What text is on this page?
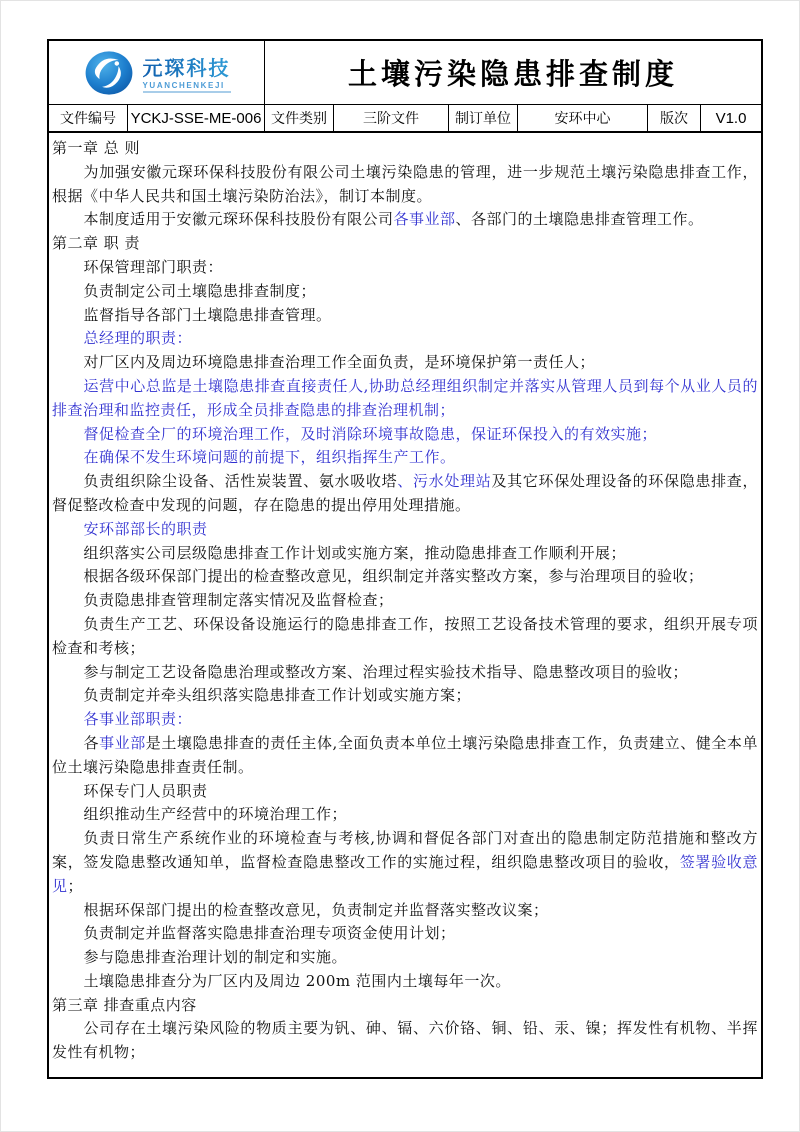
元琛科技
YUANCHENKEJI	土壤污染隐患排查制度
文件编号 YCKJ-SSE-ME-006 文件类别	三阶文件	制订单位	安环中心	版次	V1.0

第一章 总 则

为加强安徽元琛环保科技股份有限公司土壤污染隐患的管理，进一步规范土壤污染隐患排查工作，根据《中华人民共和国土壤污染防治法》，制订本制度。

本制度适用于安徽元琛环保科技股份有限公司各事业部、各部门的土壤隐患排查管理工作。

第二章 职 责

环保管理部门职责：

负责制定公司土壤隐患排查制度；

监督指导各部门土壤隐患排查管理。

总经理的职责：

对厂区内及周边环境隐患排查治理工作全面负责，是环境保护第一责任人；

运营中心总监是土壤隐患排查直接责任人,协助总经理组织制定并落实从管理人员到每个从业人员的排查治理和监控责任，形成全员排查隐患的排查治理机制；

督促检查全厂的环境治理工作，及时消除环境事故隐患，保证环保投入的有效实施；

在确保不发生环境问题的前提下，组织指挥生产工作。

负责组织除尘设备、活性炭装置、氨水吸收塔、污水处理站及其它环保处理设备的环保隐患排查，督促整改检查中发现的问题，存在隐患的提出停用处理措施。

安环部部长的职责

组织落实公司层级隐患排查工作计划或实施方案，推动隐患排查工作顺利开展；

根据各级环保部门提出的检查整改意见，组织制定并落实整改方案，参与治理项目的验收；

负责隐患排查管理制定落实情况及监督检查；

负责生产工艺、环保设备设施运行的隐患排查工作，按照工艺设备技术管理的要求，组织开展专项检查和考核；

参与制定工艺设备隐患治理或整改方案、治理过程实验技术指导、隐患整改项目的验收；

负责制定并牵头组织落实隐患排查工作计划或实施方案；

各事业部职责：

各事业部是土壤隐患排查的责任主体,全面负责本单位土壤污染隐患排查工作，负责建立、健全本单位土壤污染隐患排查责任制。

环保专门人员职责

组织推动生产经营中的环境治理工作；

负责日常生产系统作业的环境检查与考核,协调和督促各部门对查出的隐患制定防范措施和整改方案，签发隐患整改通知单，监督检查隐患整改工作的实施过程，组织隐患整改项目的验收，签署验收意见；

根据环保部门提出的检查整改意见，负责制定并监督落实整改议案；

负责制定并监督落实隐患排查治理专项资金使用计划；

参与隐患排查治理计划的制定和实施。

土壤隐患排查分为厂区内及周边 200m 范围内土壤每年一次。

第三章 排查重点内容

公司存在土壤污染风险的物质主要为钒、砷、镉、六价铬、铜、铅、汞、镍；挥发性有机物、半挥发性有机物；
